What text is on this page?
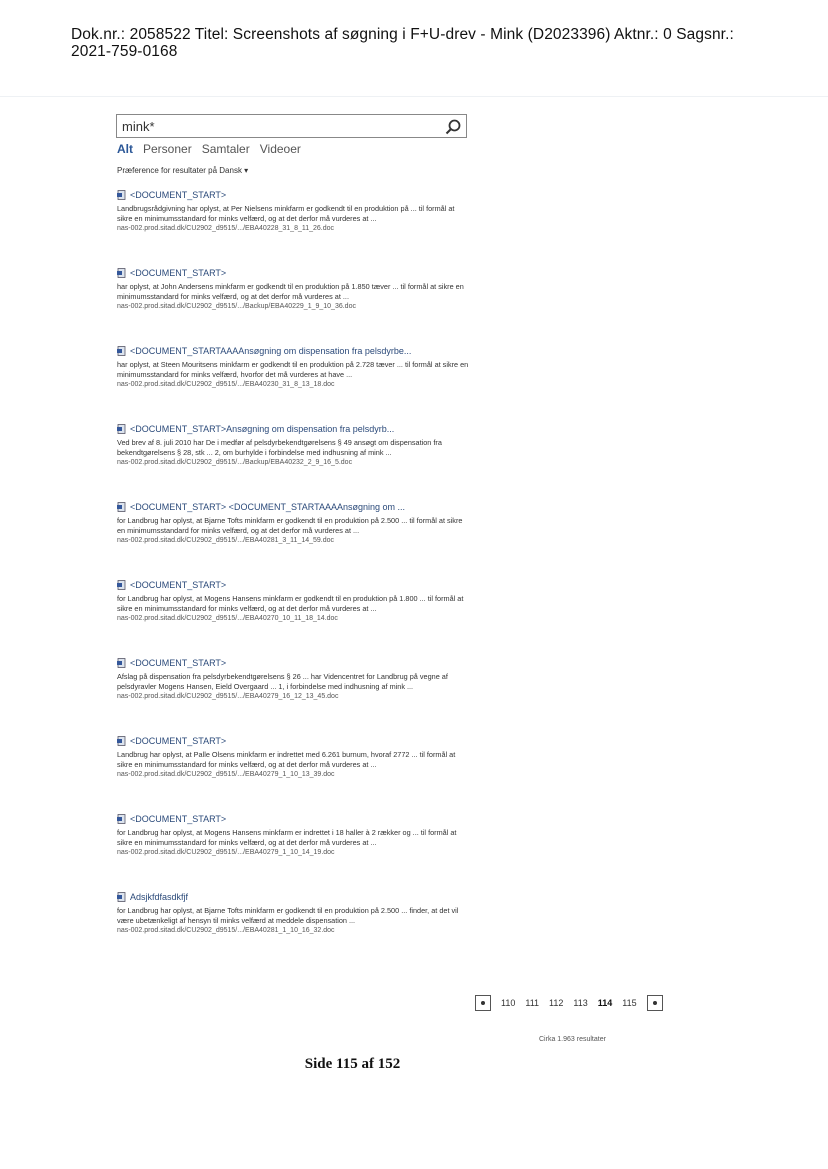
Dok.nr.: 2058522 Titel: Screenshots af søgning i F+U-drev - Mink (D2023396) Aktnr.: 0 Sagsnr.:
2021-759-0168
mink*
Alt Personer Samtaler Videoer
Præference for resultater på Dansk ▾
<DOCUMENT_START>
Landbrugsrådgivning har oplyst, at Per Nielsens minkfarm er godkendt til en produktion på ... til formål at sikre en minimumsstandard for minks velfærd, og at det derfor må vurderes at ...
nas-002.prod.sitad.dk/CU2902_d9515/.../EBA40228_31_8_11_26.doc
<DOCUMENT_START>
har oplyst, at John Andersens minkfarm er godkendt til en produktion på 1.850 tæver ... til formål at sikre en minimumsstandard for minks velfærd, og at det derfor må vurderes at ...
nas-002.prod.sitad.dk/CU2902_d9515/.../Backup/EBA40229_1_9_10_36.doc
<DOCUMENT_STARTAAAAnsøgning om dispensation fra pelsdyrbe...
har oplyst, at Steen Mouritsens minkfarm er godkendt til en produktion på 2.728 tæver ... til formål at sikre en minimumsstandard for minks velfærd, hvorfor det må vurderes at have ...
nas-002.prod.sitad.dk/CU2902_d9515/.../EBA40230_31_8_13_18.doc
<DOCUMENT_START>Ansøgning om dispensation fra pelsdyrb...
Ved brev af 8. juli 2010 har De i medfør af pelsdyrbekendtgørelsens § 49 ansøgt om dispensation fra bekendtgørelsens § 28, stk ... 2, om burhylde i forbindelse med indhusning af mink ...
nas-002.prod.sitad.dk/CU2902_d9515/.../Backup/EBA40232_2_9_16_5.doc
<DOCUMENT_START> <DOCUMENT_STARTAAAAnsøgning om ...
for Landbrug har oplyst, at Bjarne Tofts minkfarm er godkendt til en produktion på 2.500 ... til formål at sikre en minimumsstandard for minks velfærd, og at det derfor må vurderes at ...
nas-002.prod.sitad.dk/CU2902_d9515/.../EBA40281_3_11_14_59.doc
<DOCUMENT_START>
for Landbrug har oplyst, at Mogens Hansens minkfarm er godkendt til en produktion på 1.800 ... til formål at sikre en minimumsstandard for minks velfærd, og at det derfor må vurderes at ...
nas-002.prod.sitad.dk/CU2902_d9515/.../EBA40270_10_11_18_14.doc
<DOCUMENT_START>
Afslag på dispensation fra pelsdyrbekendtgørelsens § 26 ... har Videncentret for Landbrug på vegne af pelsdyravler Mogens Hansen, Eield Overgaard ... 1, i forbindelse med indhusning af mink ...
nas-002.prod.sitad.dk/CU2902_d9515/.../EBA40279_16_12_13_45.doc
<DOCUMENT_START>
Landbrug har oplyst, at Palle Olsens minkfarm er indrettet med 6.261 burnum, hvoraf 2772 ... til formål at sikre en minimumsstandard for minks velfærd, og at det derfor må vurderes at ...
nas-002.prod.sitad.dk/CU2902_d9515/.../EBA40279_1_10_13_39.doc
<DOCUMENT_START>
for Landbrug har oplyst, at Mogens Hansens minkfarm er indrettet i 18 haller à 2 rækker og ... til formål at sikre en minimumsstandard for minks velfærd, og at det derfor må vurderes at ...
nas-002.prod.sitad.dk/CU2902_d9515/.../EBA40279_1_10_14_19.doc
Adsjkfdfasdkfjf
for Landbrug har oplyst, at Bjarne Tofts minkfarm er godkendt til en produktion på 2.500 ... finder, at det vil være ubetænkeligt af hensyn til minks velfærd at meddele dispensation ...
nas-002.prod.sitad.dk/CU2902_d9515/.../EBA40281_1_10_16_32.doc
110 111 112 113 114 115
Cirka 1.963 resultater
Side 115 af 152
